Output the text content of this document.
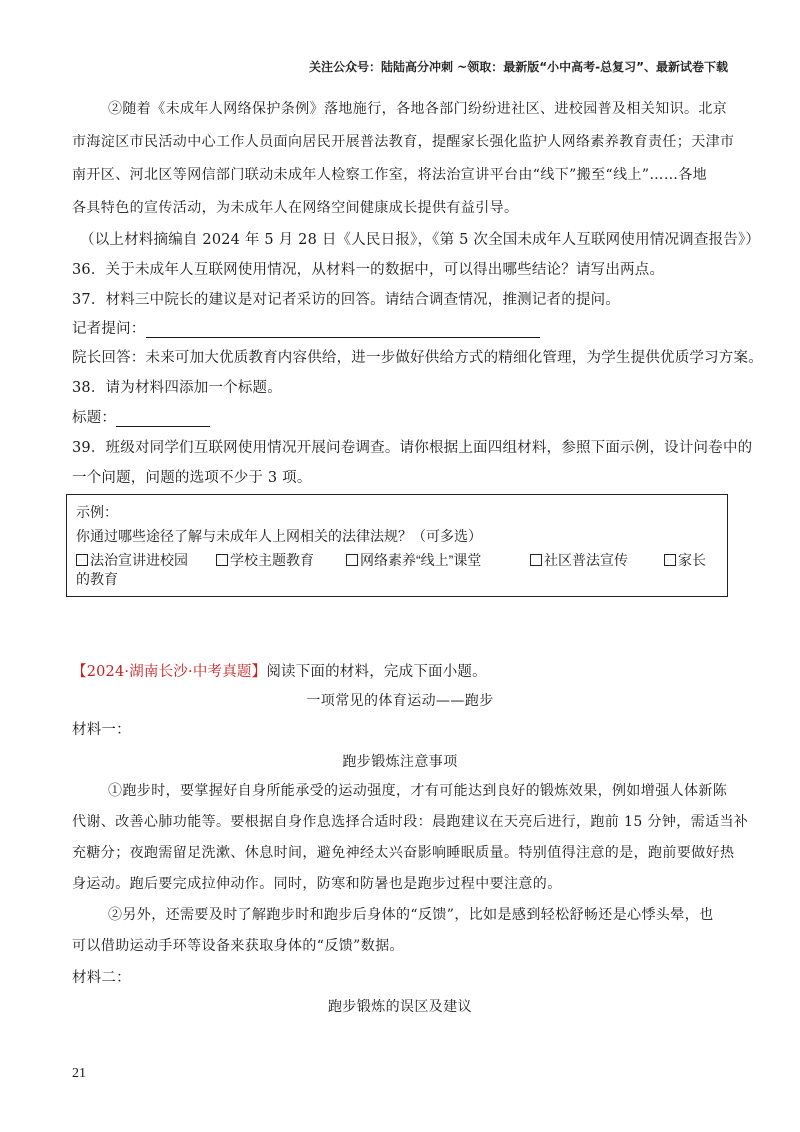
关注公众号：陆陆高分冲刺 ~领取：最新版“小中高考-总复习”、最新试卷下载
②随着《未成年人网络保护条例》落地施行，各地各部门纷纷进社区、进校园普及相关知识。北京
市海淀区市民活动中心工作人员面向居民开展普法教育，提醒家长强化监护人网络素养教育责任；天津市
南开区、河北区等网信部门联动未成年人检察工作室，将法治宣讲平台由“线下”搬至“线上”……各地
各具特色的宣传活动，为未成年人在网络空间健康成长提供有益引导。
（以上材料摘编自 2024 年 5 月 28 日《人民日报》，《第 5 次全国未成年人互联网使用情况调查报告》）
36．关于未成年人互联网使用情况，从材料一的数据中，可以得出哪些结论？请写出两点。
37．材料三中院长的建议是对记者采访的回答。请结合调查情况，推测记者的提问。
记者提问：
院长回答：未来可加大优质教育内容供给，进一步做好供给方式的精细化管理，为学生提供优质学习方案。
38．请为材料四添加一个标题。
标题：
39．班级对同学们互联网使用情况开展问卷调查。请你根据上面四组材料，参照下面示例，设计问卷中的
一个问题，问题的选项不少于 3 项。
示例：
你通过哪些途径了解与未成年人上网相关的法律法规？（可多选）
法治宣讲进校园	学校主题教育	网络素养“线上”课堂	社区普法宣传	家长
的教育
【2024·湖南长沙·中考真题】阅读下面的材料，完成下面小题。
一项常见的体育运动——跑步
材料一：
跑步锻炼注意事项
①跑步时，要掌握好自身所能承受的运动强度，才有可能达到良好的锻炼效果，例如增强人体新陈
代谢、改善心肺功能等。要根据自身作息选择合适时段：晨跑建议在天亮后进行，跑前 15 分钟，需适当补
充糖分；夜跑需留足洗漱、休息时间，避免神经太兴奋影响睡眠质量。特别值得注意的是，跑前要做好热
身运动。跑后要完成拉伸动作。同时，防寒和防暑也是跑步过程中要注意的。
②另外，还需要及时了解跑步时和跑步后身体的“反馈”，比如是感到轻松舒畅还是心悸头晕，也
可以借助运动手环等设备来获取身体的“反馈”数据。
材料二：
跑步锻炼的误区及建议
21
